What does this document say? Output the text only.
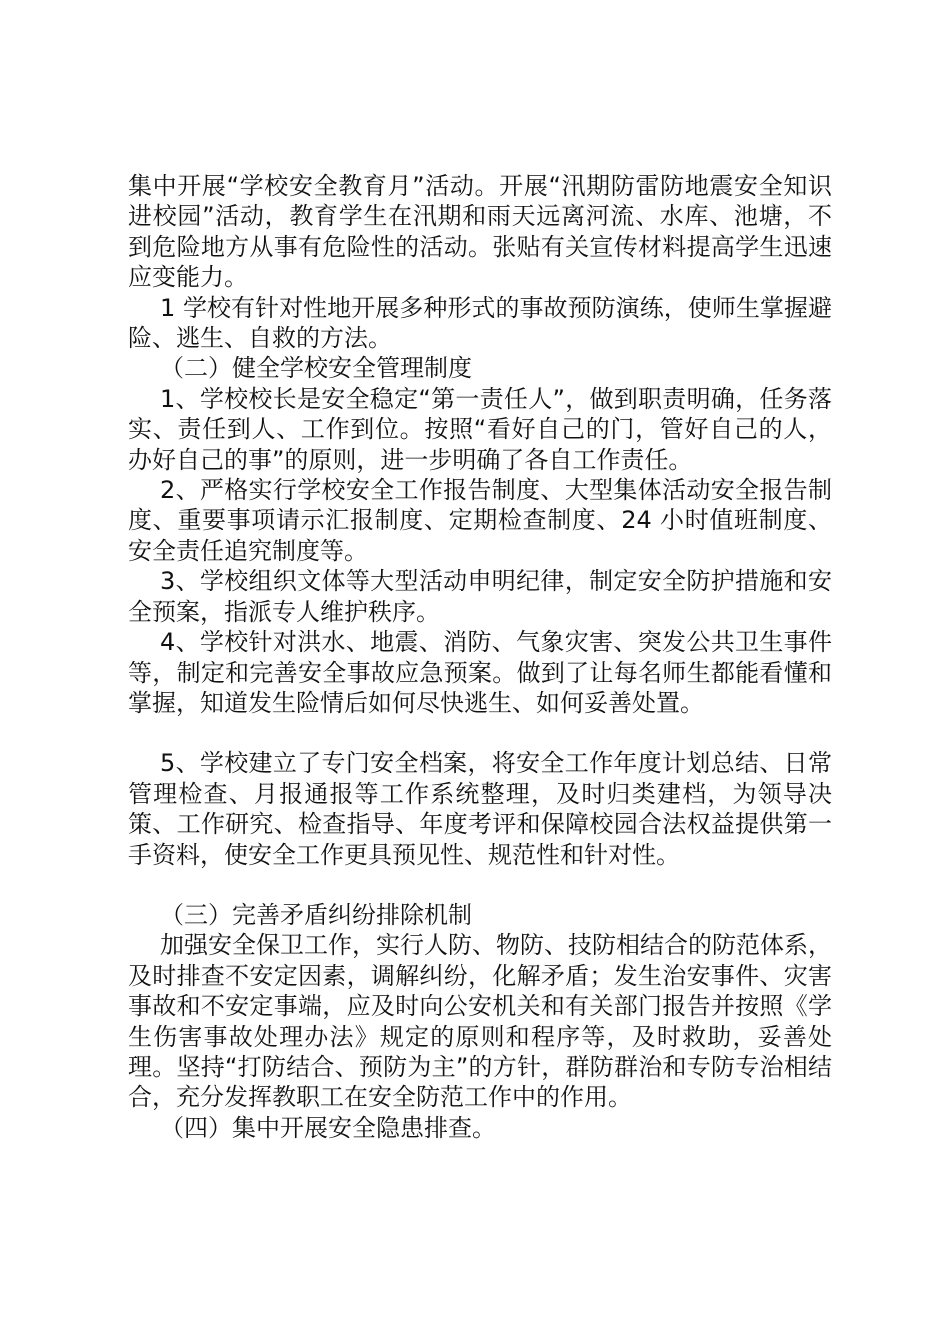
集中开展“学校安全教育月”活动。开展“汛期防雷防地震安全知识进校园”活动，教育学生在汛期和雨天远离河流、水库、池塘，不到危险地方从事有危险性的活动。张贴有关宣传材料提高学生迅速应变能力。

1 学校有针对性地开展多种形式的事故预防演练，使师生掌握避险、逃生、自救的方法。

（二）健全学校安全管理制度

1、学校校长是安全稳定“第一责任人”，做到职责明确，任务落实、责任到人、工作到位。按照“看好自己的门，管好自己的人，办好自己的事”的原则，进一步明确了各自工作责任。

2、严格实行学校安全工作报告制度、大型集体活动安全报告制度、重要事项请示汇报制度、定期检查制度、24 小时值班制度、安全责任追究制度等。

3、学校组织文体等大型活动申明纪律，制定安全防护措施和安全预案，指派专人维护秩序。

4、学校针对洪水、地震、消防、气象灾害、突发公共卫生事件等，制定和完善安全事故应急预案。做到了让每名师生都能看懂和掌握，知道发生险情后如何尽快逃生、如何妥善处置。

5、学校建立了专门安全档案，将安全工作年度计划总结、日常管理检查、月报通报等工作系统整理，及时归类建档，为领导决策、工作研究、检查指导、年度考评和保障校园合法权益提供第一手资料，使安全工作更具预见性、规范性和针对性。

（三）完善矛盾纠纷排除机制

加强安全保卫工作，实行人防、物防、技防相结合的防范体系，及时排查不安定因素，调解纠纷，化解矛盾；发生治安事件、灾害事故和不安定事端，应及时向公安机关和有关部门报告并按照《学生伤害事故处理办法》规定的原则和程序等，及时救助，妥善处理。坚持“打防结合、预防为主”的方针，群防群治和专防专治相结合，充分发挥教职工在安全防范工作中的作用。

（四）集中开展安全隐患排查。
